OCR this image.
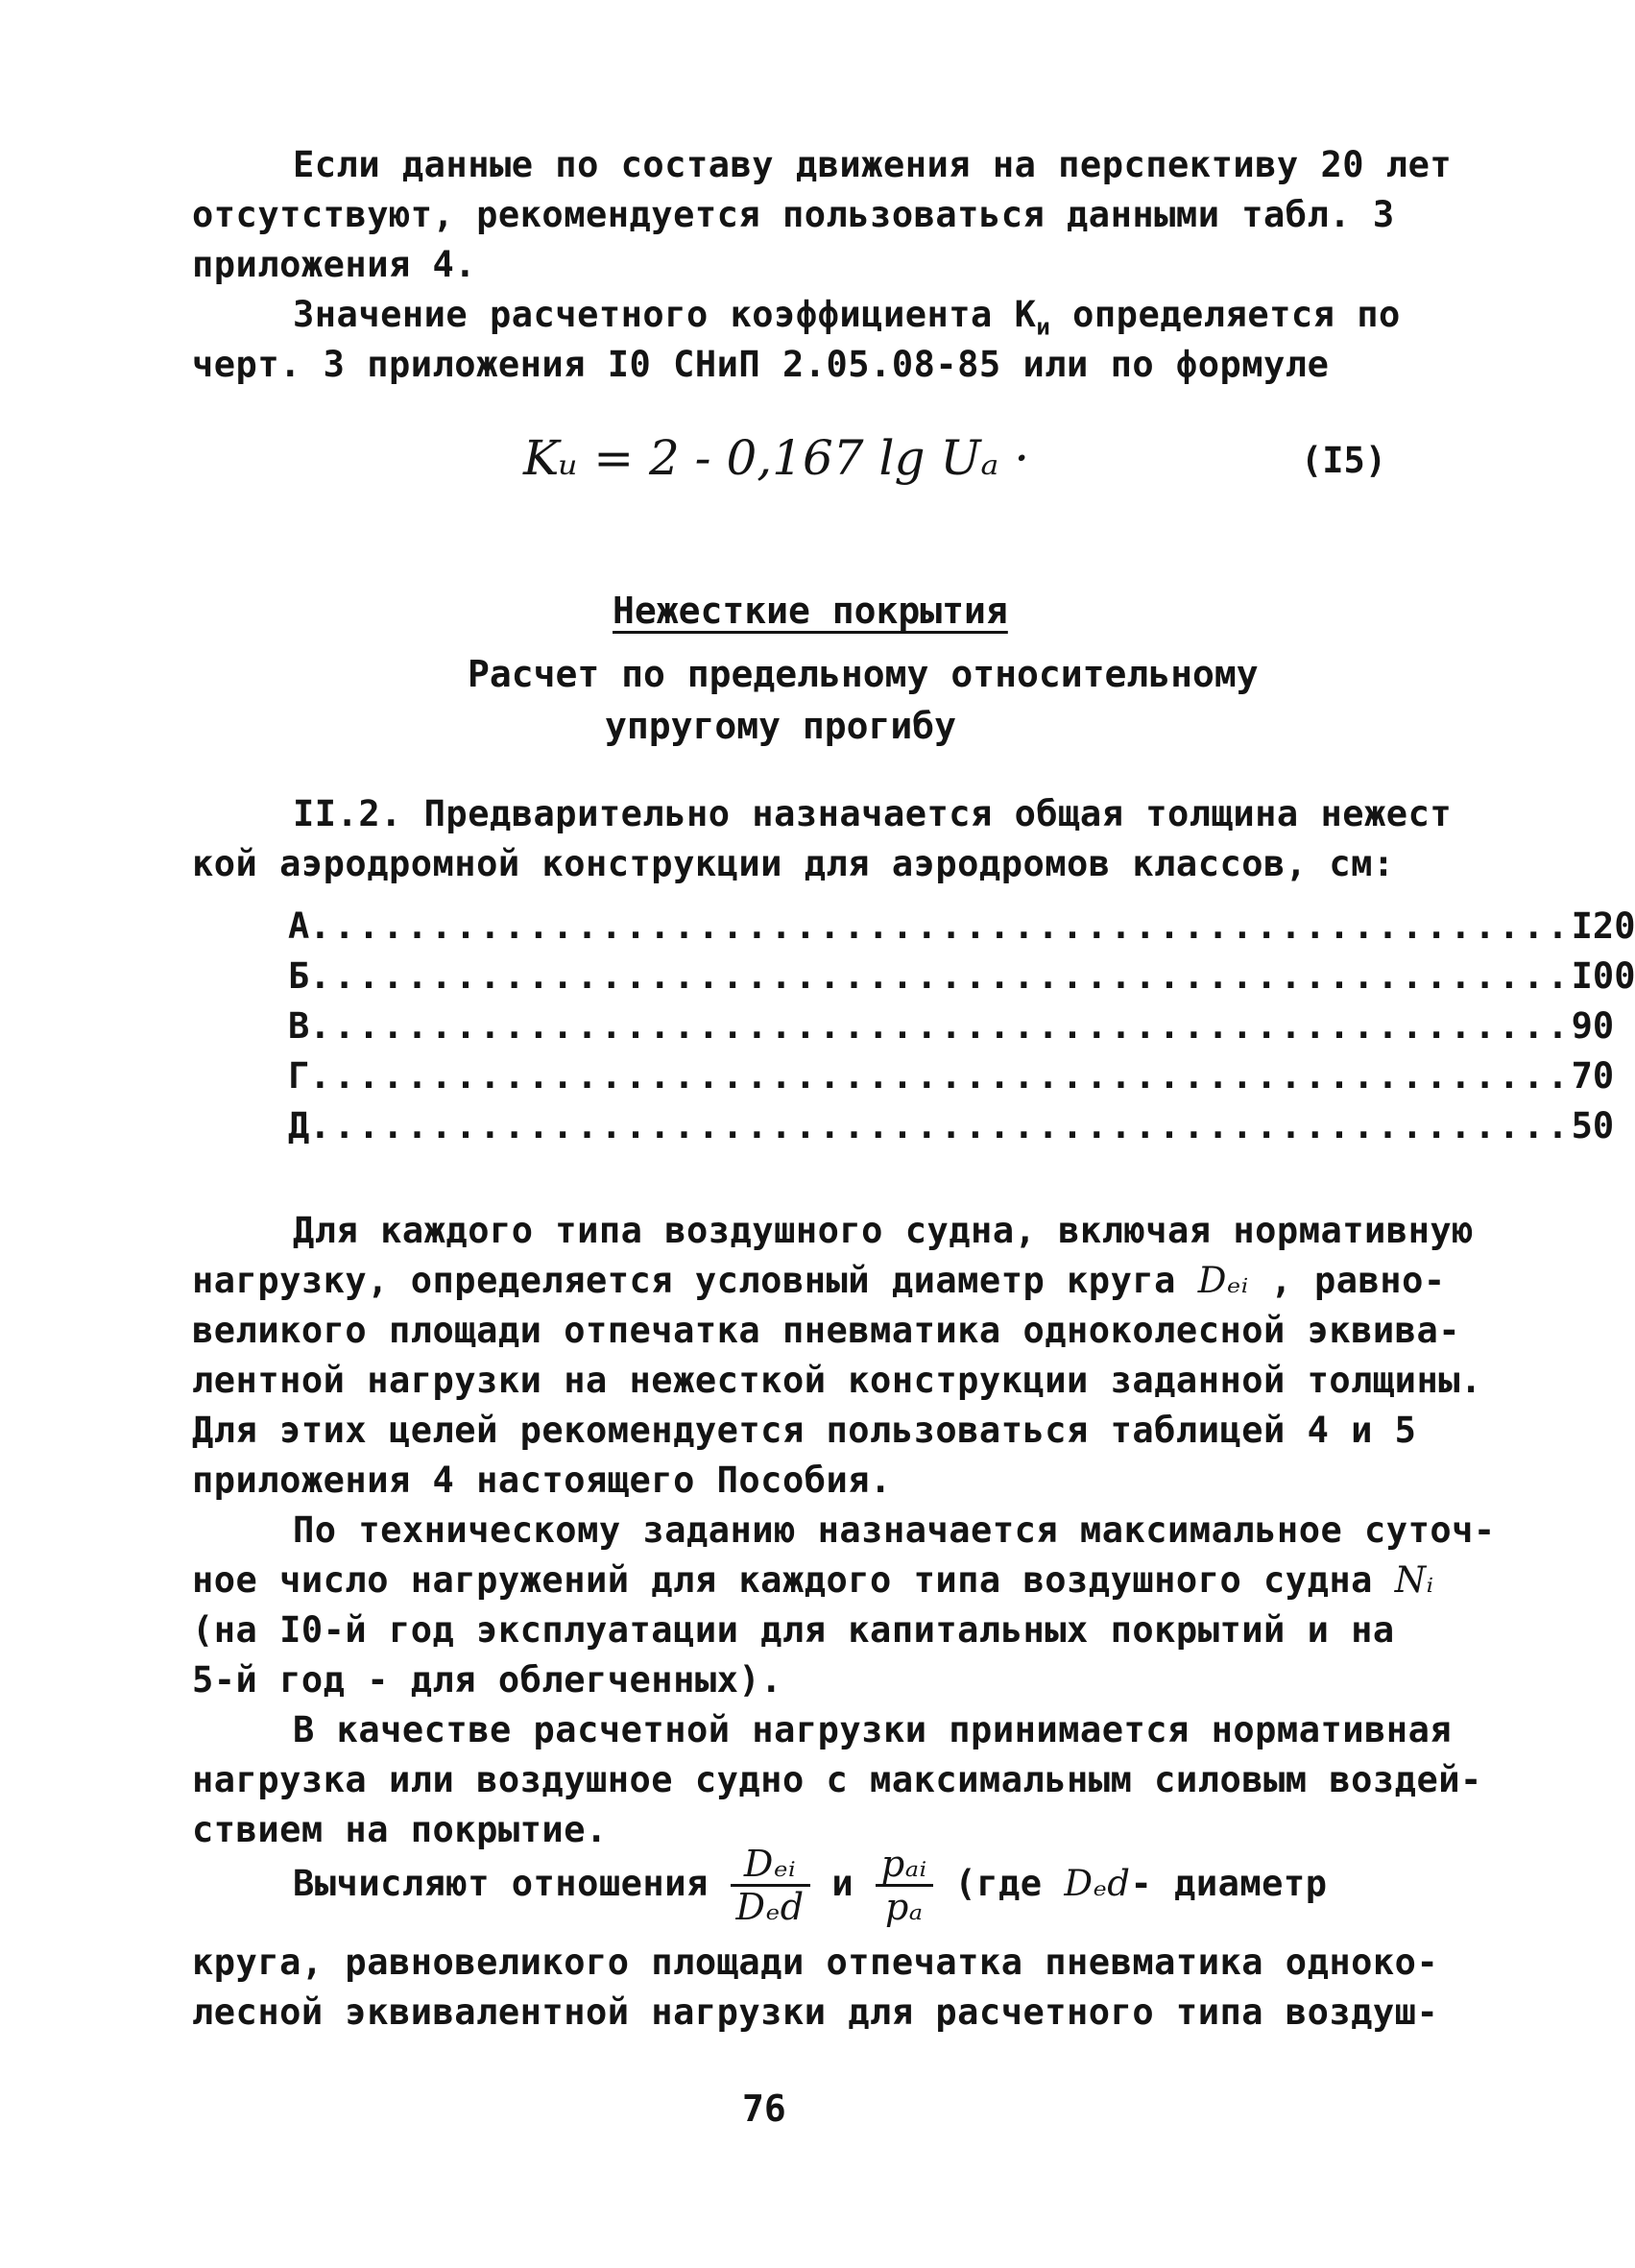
Если данные по составу движения на перспективу 20 лет
отсутствуют, рекомендуется пользоваться данными табл. 3
приложения 4.
Значение расчетного коэффициента $К_и$ определяется по
черт. 3 приложения I0 СНиП 2.05.08-85 или по формуле
Kᵤ = 2 - 0,167 lg Uₐ ·	(I5)
Нежесткие покрытия
Расчет по предельному относительному
упругому прогибу
II.2. Предварительно назначается общая толщина нежест
кой аэродромной конструкции для аэродромов классов, см:
А .................................................... I20
Б .................................................... I00
В .................................................... 90
Г .................................................... 70
Д .................................................... 50
Для каждого типа воздушного судна, включая нормативную
нагрузку, определяется условный диаметр круга Dₑᵢ , равно-
великого площади отпечатка пневматика одноколесной эквива-
лентной нагрузки на нежесткой конструкции заданной толщины.
Для этих целей рекомендуется пользоваться таблицей 4 и 5
приложения 4 настоящего Пособия.
По техническому заданию назначается максимальное суточ-
ное число нагружений для каждого типа воздушного судна Nᵢ
(на I0-й год эксплуатации для капитальных покрытий и на
5-й год - для облегченных).
В качестве расчетной нагрузки принимается нормативная
нагрузка или воздушное судно с максимальным силовым воздей-
ствием на покрытие.
Вычисляют отношения $\frac{\text{Dₑᵢ}}{\text{Dₑd}}$ и $\frac{\text{pₐᵢ}}{\text{pₐ}} (где$ Dₑd- диаметр
круга, равновеликого площади отпечатка пневматика одноко-
лесной эквивалентной нагрузки для расчетного типа воздуш-
76
